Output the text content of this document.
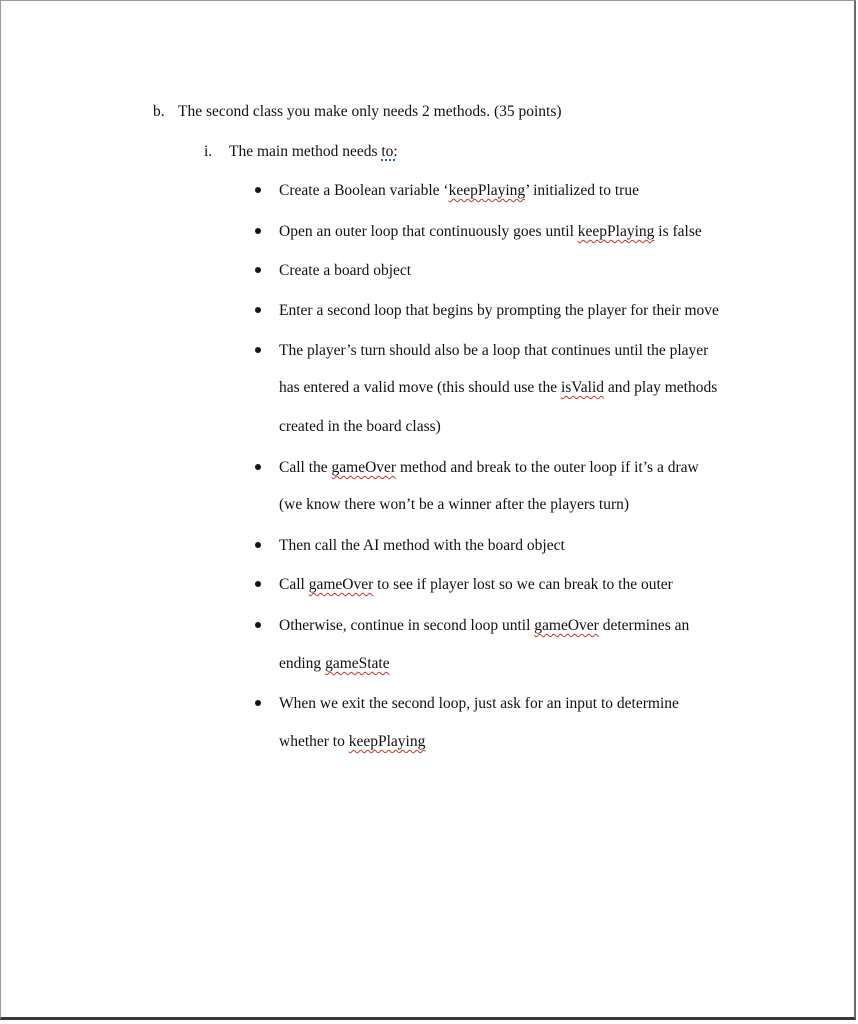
b. The second class you make only needs 2 methods. (35 points)
i. The main method needs to:
Create a Boolean variable ‘keepPlaying’ initialized to true
Open an outer loop that continuously goes until keepPlaying is false
Create a board object
Enter a second loop that begins by prompting the player for their move
The player’s turn should also be a loop that continues until the player
has entered a valid move (this should use the isValid and play methods
created in the board class)
Call the gameOver method and break to the outer loop if it’s a draw
(we know there won’t be a winner after the players turn)
Then call the AI method with the board object
Call gameOver to see if player lost so we can break to the outer
Otherwise, continue in second loop until gameOver determines an
ending gameState
When we exit the second loop, just ask for an input to determine
whether to keepPlaying
